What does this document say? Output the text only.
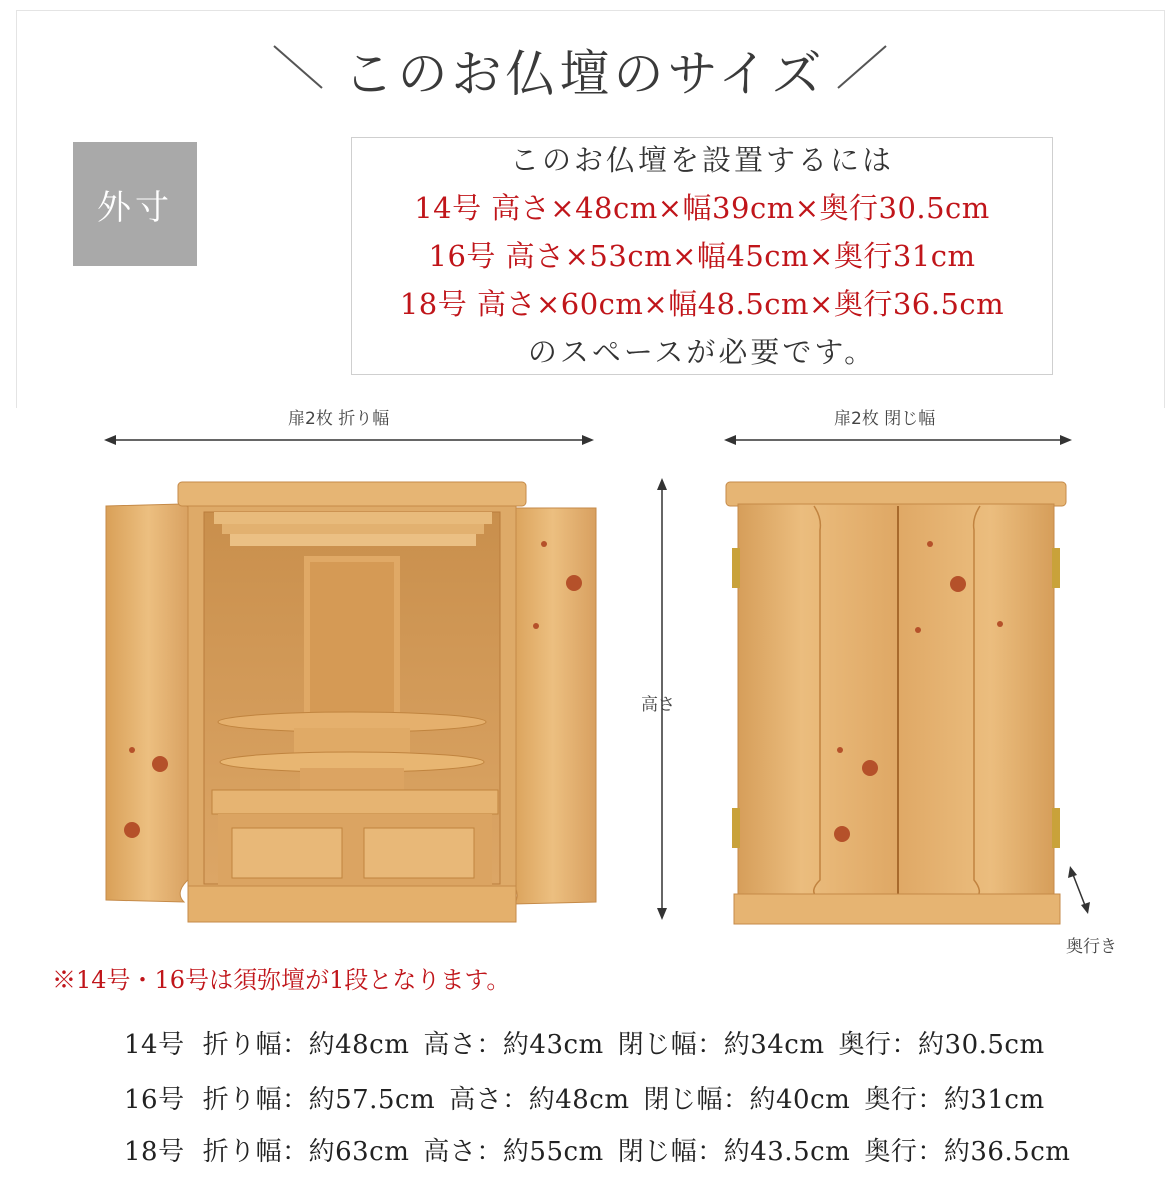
このお仏壇のサイズ
外寸
このお仏壇を設置するには
14号 高さ×48cm×幅39cm×奥行30.5cm
16号 高さ×53cm×幅45cm×奥行31cm
18号 高さ×60cm×幅48.5cm×奥行36.5cm
のスペースが必要です。
扉2枚 折り幅	扉2枚 閉じ幅
高さ
奥行き
※14号・16号は須弥壇が1段となります。
14号 折り幅：約48cm 高さ：約43cm 閉じ幅：約34cm 奥行：約30.5cm
16号 折り幅：約57.5cm 高さ：約48cm 閉じ幅：約40cm 奥行：約31cm
18号 折り幅：約63cm 高さ：約55cm 閉じ幅：約43.5cm 奥行：約36.5cm
